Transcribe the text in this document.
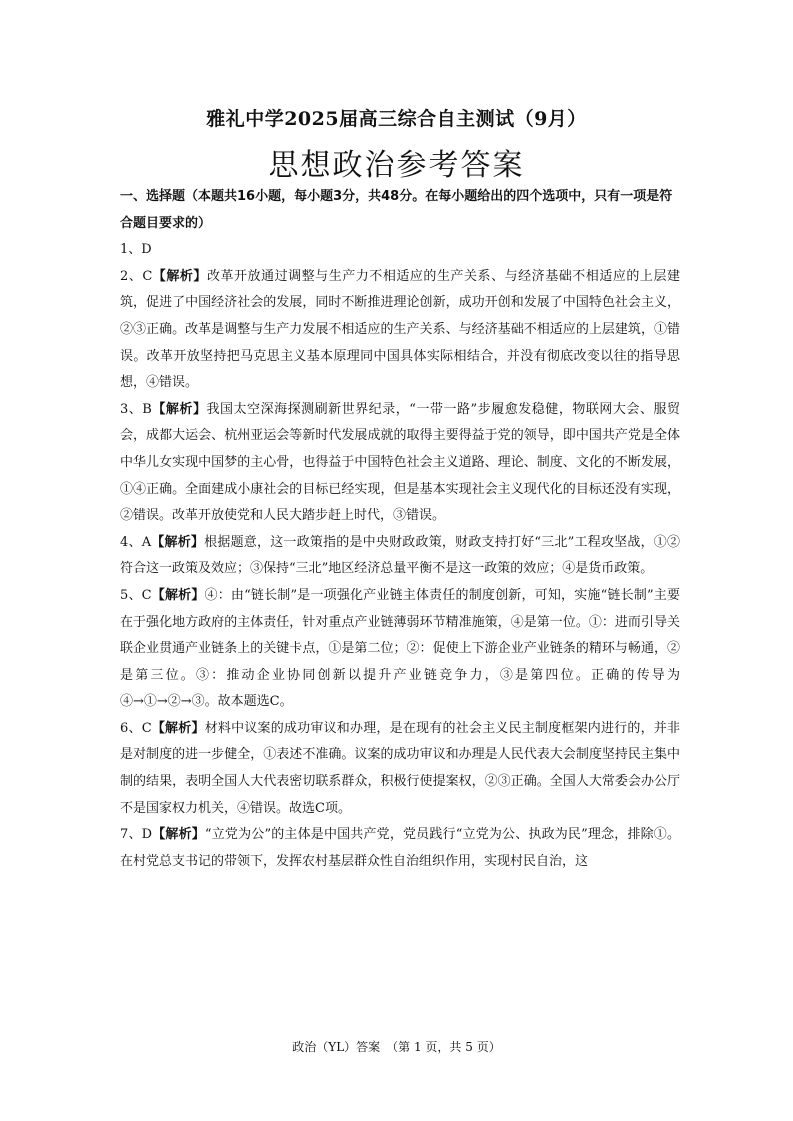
雅礼中学2025届高三综合自主测试（9月）
思想政治参考答案
一、选择题（本题共16小题，每小题3分，共48分。在每小题给出的四个选项中，只有一项是符合题目要求的）
1、D
2、C【解析】改革开放通过调整与生产力不相适应的生产关系、与经济基础不相适应的上层建筑，促进了中国经济社会的发展，同时不断推进理论创新，成功开创和发展了中国特色社会主义，②③正确。改革是调整与生产力发展不相适应的生产关系、与经济基础不相适应的上层建筑，①错误。改革开放坚持把马克思主义基本原理同中国具体实际相结合，并没有彻底改变以往的指导思想，④错误。
3、B【解析】我国太空深海探测刷新世界纪录，“一带一路”步履愈发稳健，物联网大会、服贸会，成都大运会、杭州亚运会等新时代发展成就的取得主要得益于党的领导，即中国共产党是全体中华儿女实现中国梦的主心骨，也得益于中国特色社会主义道路、理论、制度、文化的不断发展，①④正确。全面建成小康社会的目标已经实现，但是基本实现社会主义现代化的目标还没有实现，②错误。改革开放使党和人民大踏步赶上时代，③错误。
4、A【解析】根据题意，这一政策指的是中央财政政策，财政支持打好“三北”工程攻坚战，①②符合这一政策及效应；③保持“三北”地区经济总量平衡不是这一政策的效应；④是货币政策。
5、C【解析】④：由“链长制”是一项强化产业链主体责任的制度创新，可知，实施“链长制”主要在于强化地方政府的主体责任，针对重点产业链薄弱环节精准施策，④是第一位。①：进而引导关联企业贯通产业链条上的关键卡点，①是第二位；②：促使上下游企业产业链条的精环与畅通，②是第三位。③：推动企业协同创新以提升产业链竞争力，③是第四位。正确的传导为④→①→②→③。故本题选C。
6、C【解析】材料中议案的成功审议和办理，是在现有的社会主义民主制度框架内进行的，并非是对制度的进一步健全，①表述不准确。议案的成功审议和办理是人民代表大会制度坚持民主集中制的结果，表明全国人大代表密切联系群众，积极行使提案权，②③正确。全国人大常委会办公厅不是国家权力机关，④错误。故选C项。
7、D【解析】“立党为公”的主体是中国共产党，党员践行“立党为公、执政为民”理念，排除①。在村党总支书记的带领下，发挥农村基层群众性自治组织作用，实现村民自治，这
政治（YL）答案　（第 1 页，共 5 页）
